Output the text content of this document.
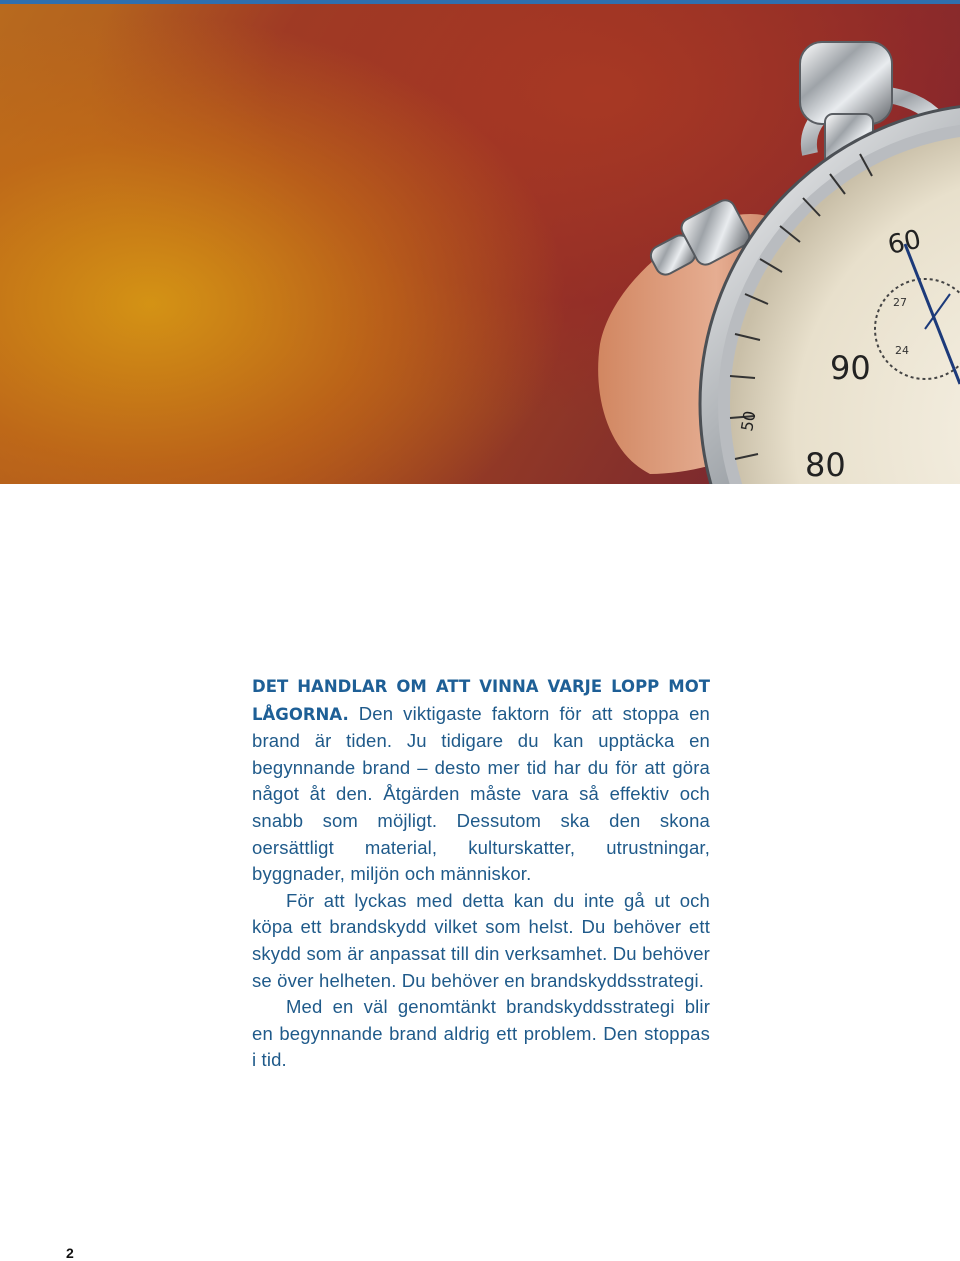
60
90
80
50
27
24

DET HANDLAR OM ATT VINNA VARJE LOPP MOT LÅGORNA. Den viktigaste faktorn för att stoppa en brand är tiden. Ju tidigare du kan upptäcka en begynnande brand – desto mer tid har du för att göra något åt den. Åtgärden måste vara så effektiv och snabb som möjligt. Dessutom ska den skona oersättligt material, kulturskatter, utrustningar, byggnader, miljön och människor.

För att lyckas med detta kan du inte gå ut och köpa ett brandskydd vilket som helst. Du behöver ett skydd som är anpassat till din verksamhet. Du behöver se över helheten. Du behöver en brandskyddsstrategi.

Med en väl genomtänkt brandskyddsstrategi blir en begynnande brand aldrig ett problem. Den stoppas i tid.

2
